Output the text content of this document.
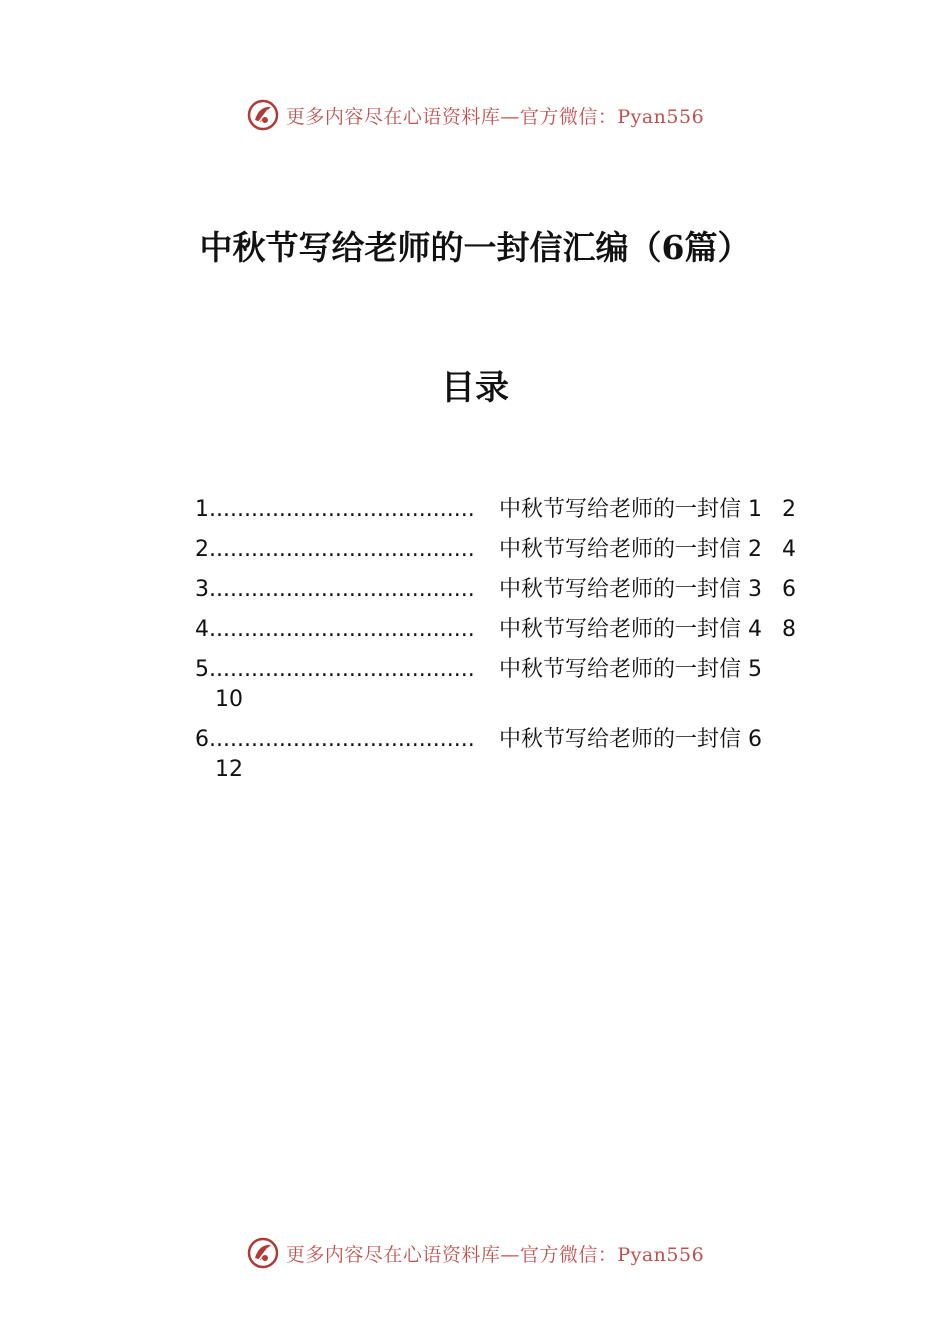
更多内容尽在心语资料库—官方微信：Pyan556
中秋节写给老师的一封信汇编（6篇）
目录
1 ......................................	中秋节写给老师的一封信 1 2
2 ......................................	中秋节写给老师的一封信 2 4
3 ......................................	中秋节写给老师的一封信 3 6
4 ......................................	中秋节写给老师的一封信 4 8
5 ......................................	中秋节写给老师的一封信 5
10
6 ......................................	中秋节写给老师的一封信 6
12
更多内容尽在心语资料库—官方微信：Pyan556
